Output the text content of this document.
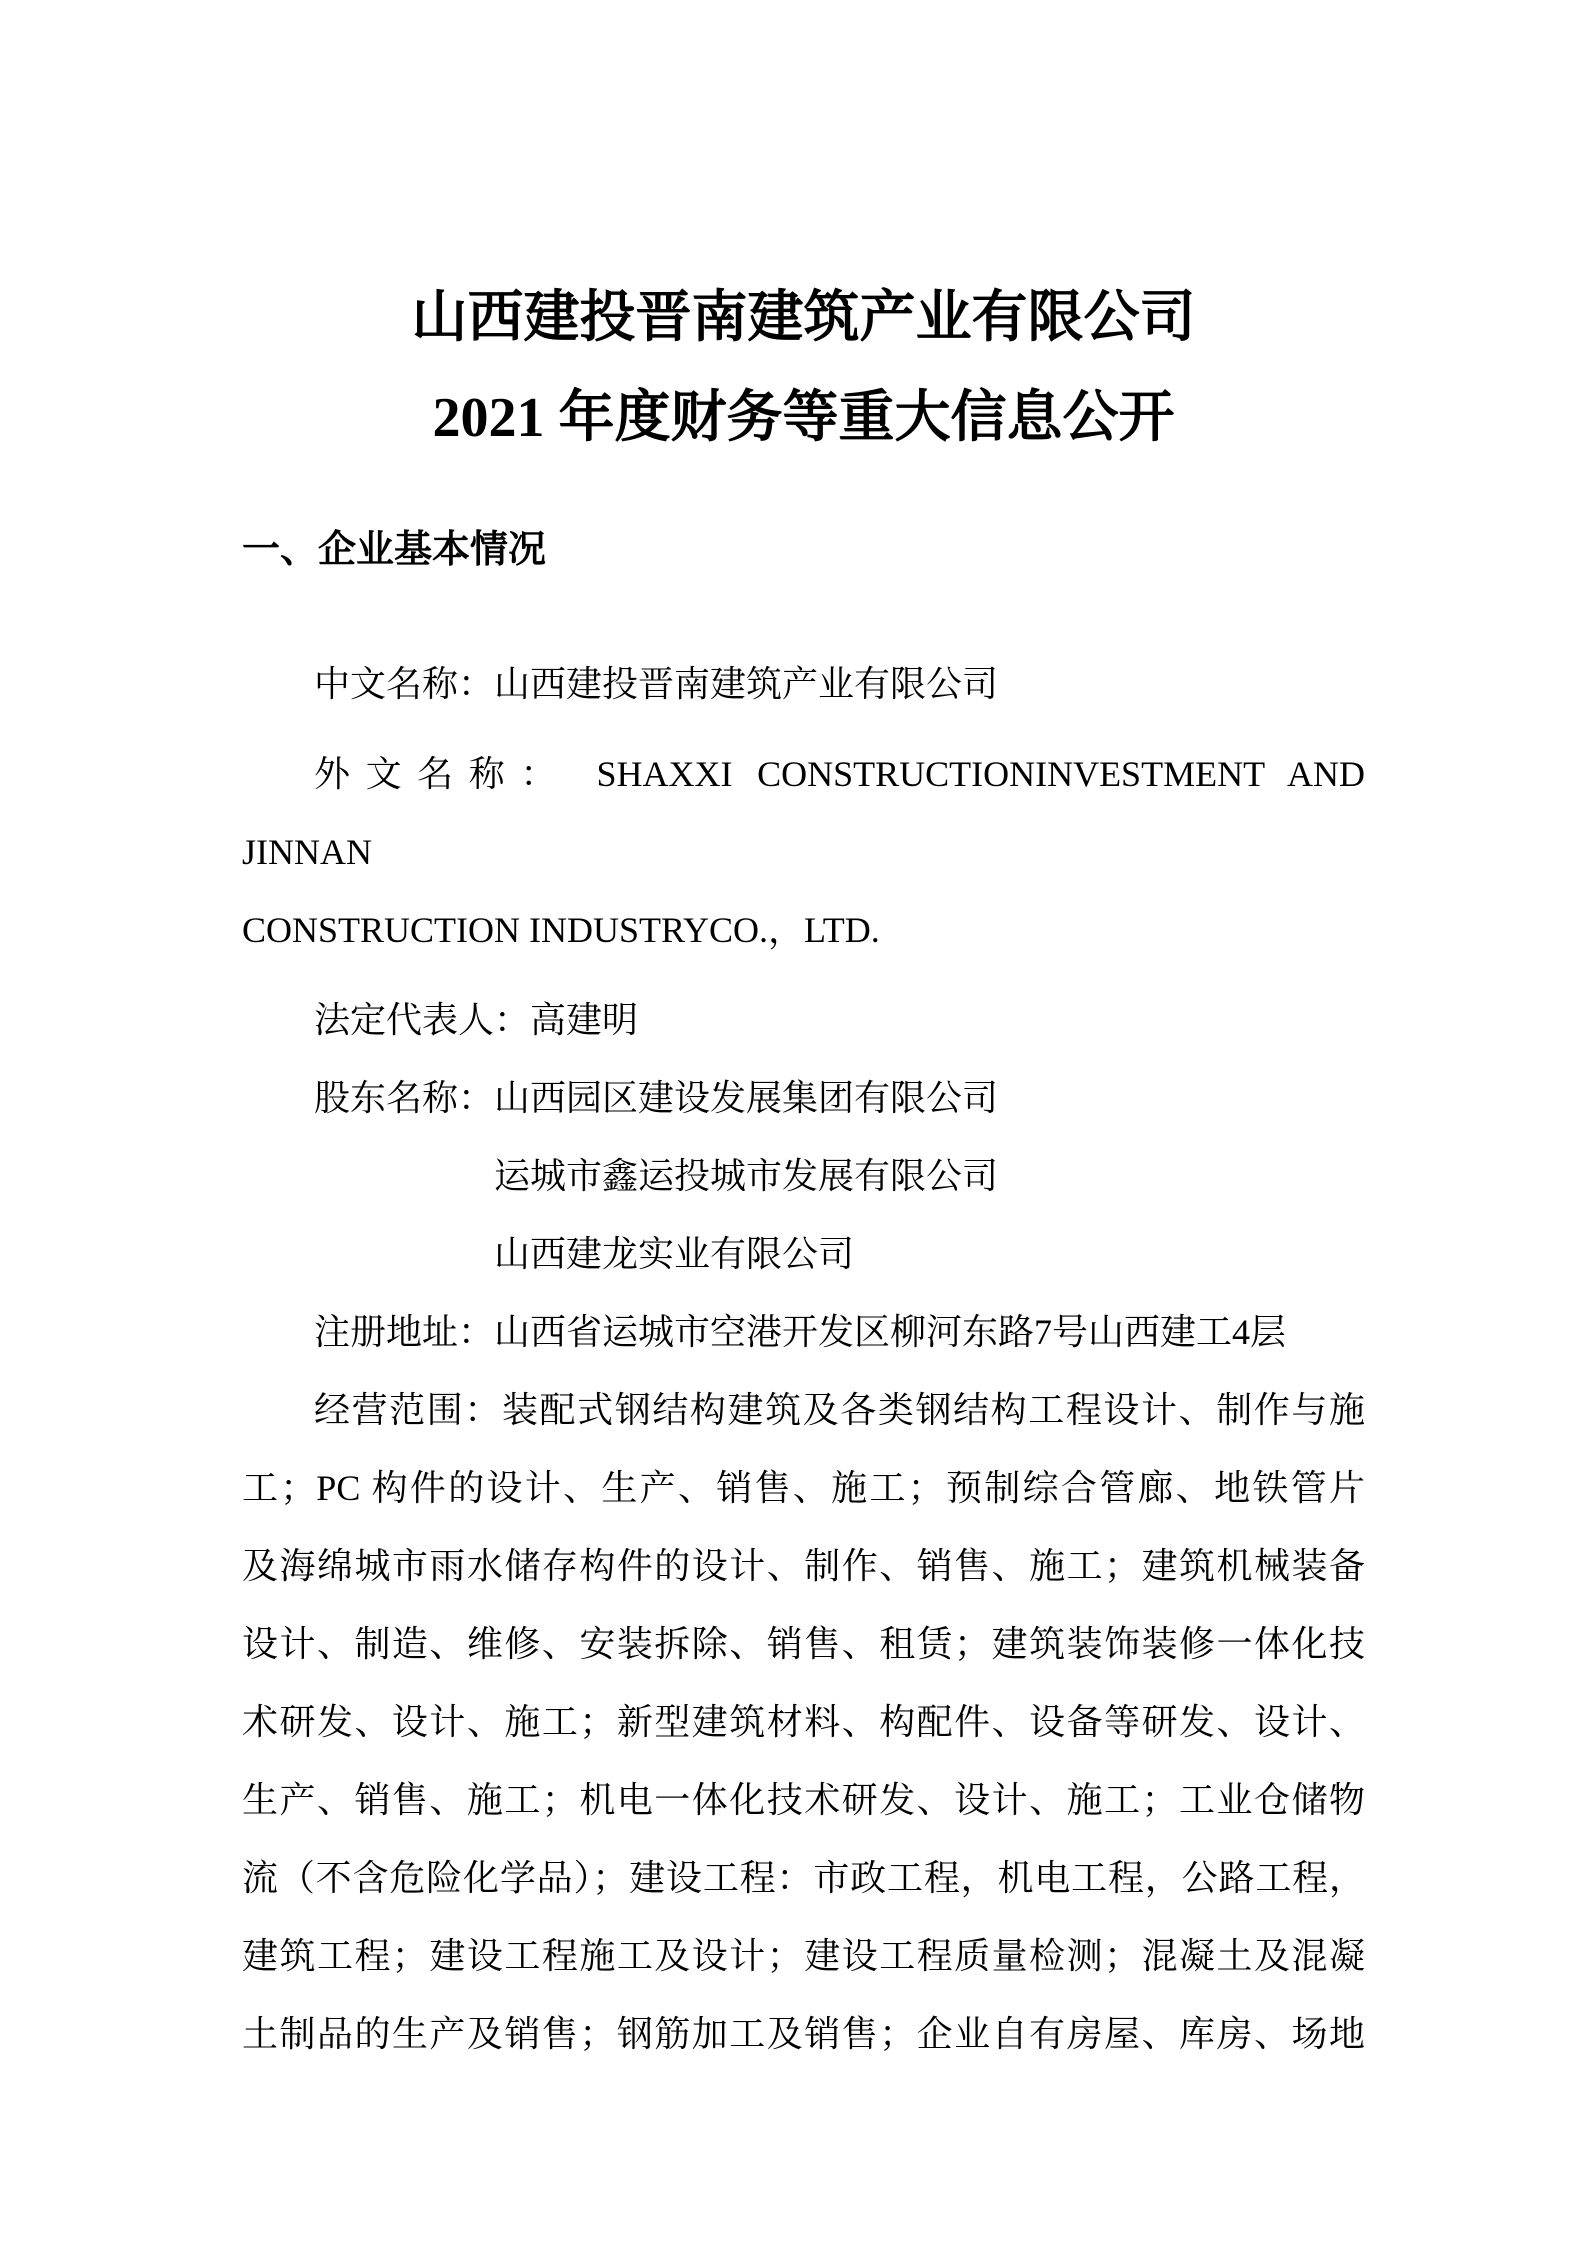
山西建投晋南建筑产业有限公司
2021 年度财务等重大信息公开
一、企业基本情况
中文名称：山西建投晋南建筑产业有限公司
外文名称： SHAXXI CONSTRUCTIONINVESTMENT AND JINNAN
CONSTRUCTION INDUSTRYCO.，LTD.
法定代表人：高建明
股东名称：山西园区建设发展集团有限公司
运城市鑫运投城市发展有限公司
山西建龙实业有限公司
注册地址：山西省运城市空港开发区柳河东路7号山西建工4层
经营范围：装配式钢结构建筑及各类钢结构工程设计、制作与施
工；PC 构件的设计、生产、销售、施工；预制综合管廊、地铁管片
及海绵城市雨水储存构件的设计、制作、销售、施工；建筑机械装备
设计、制造、维修、安装拆除、销售、租赁；建筑装饰装修一体化技
术研发、设计、施工；新型建筑材料、构配件、设备等研发、设计、
生产、销售、施工；机电一体化技术研发、设计、施工；工业仓储物
流（不含危险化学品）；建设工程：市政工程，机电工程，公路工程，
建筑工程；建设工程施工及设计；建设工程质量检测；混凝土及混凝
土制品的生产及销售；钢筋加工及销售；企业自有房屋、库房、场地
